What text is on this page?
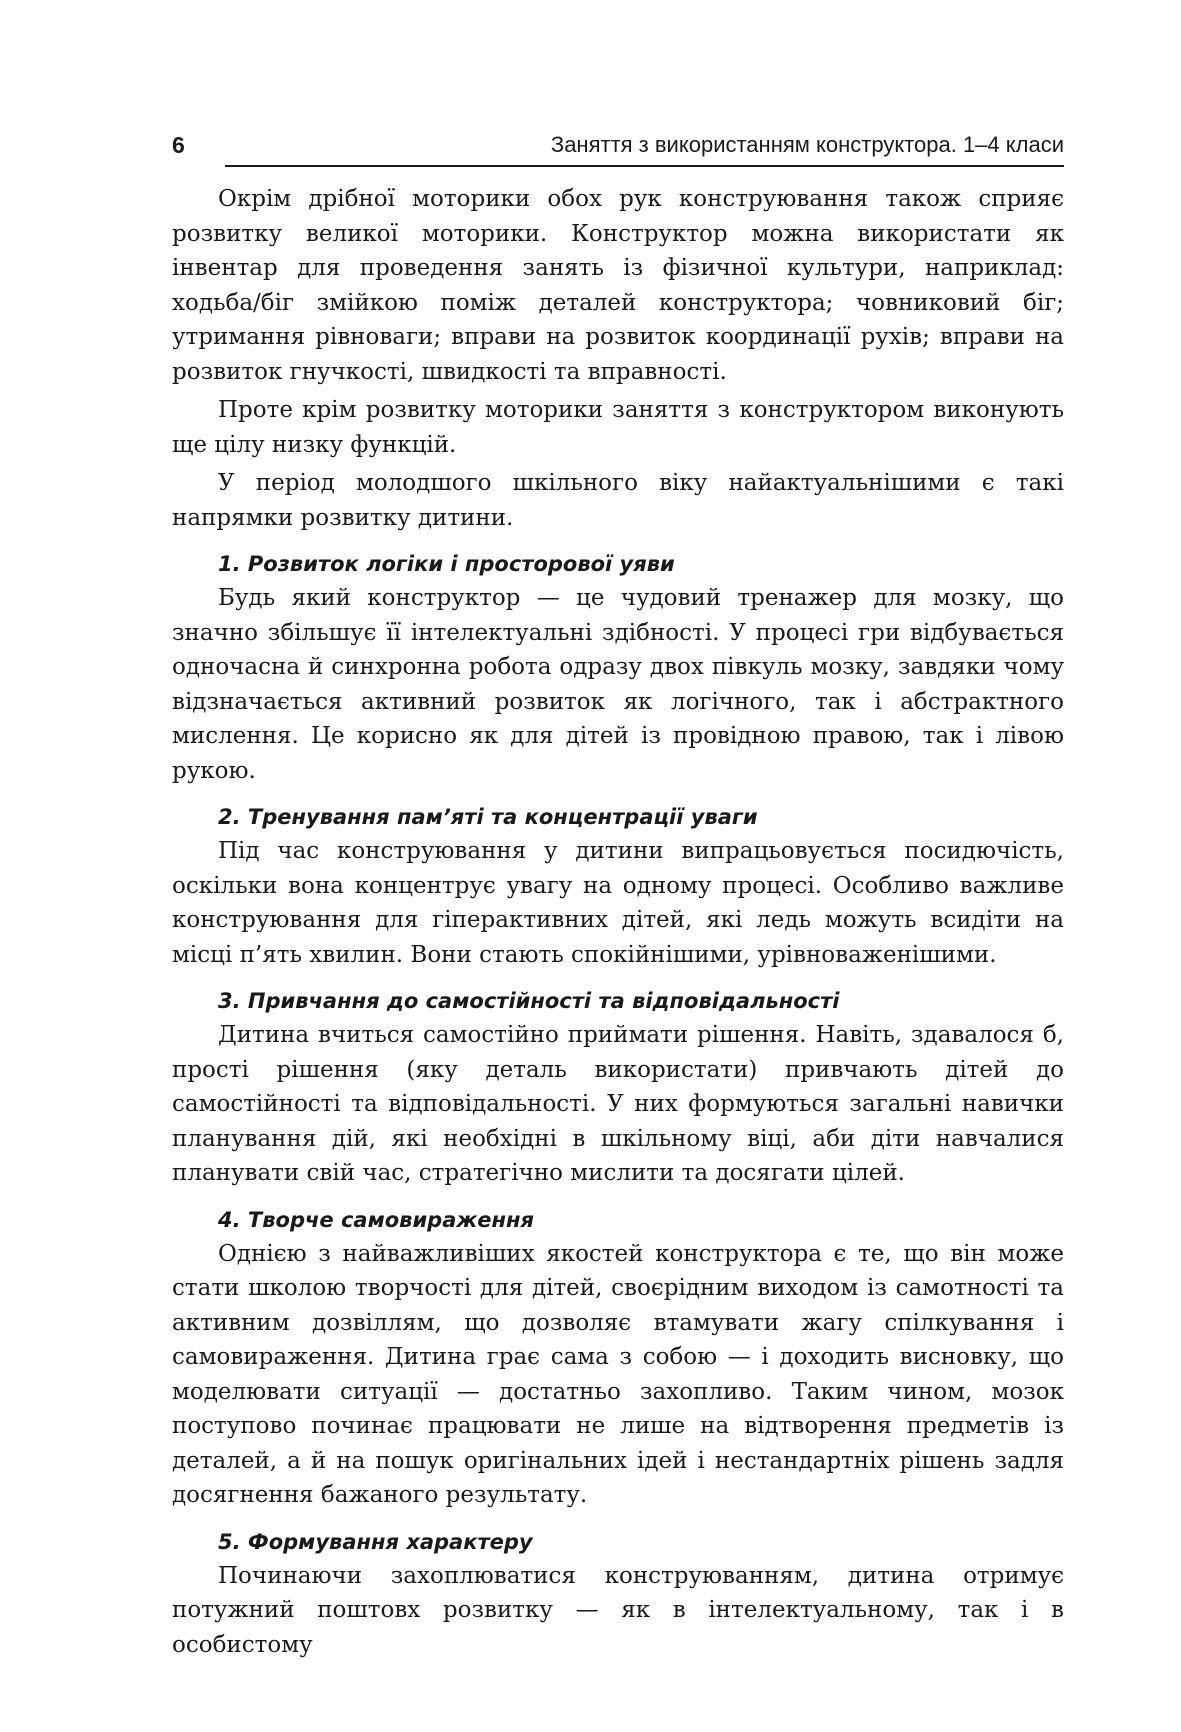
6	Заняття з використанням конструктора. 1–4 класи

Окрім дрібної моторики обох рук конструювання також сприяє розвитку великої моторики. Конструктор можна використати як інвентар для проведення занять із фізичної культури, наприклад: ходьба/біг змійкою поміж деталей конструктора; човниковий біг; утримання рівноваги; вправи на розвиток координації рухів; вправи на розвиток гнучкості, швидкості та вправності.

Проте крім розвитку моторики заняття з конструктором виконують ще цілу низку функцій.

У період молодшого шкільного віку найактуальнішими є такі напрямки розвитку дитини.

1. Розвиток логіки і просторової уяви

Будь який конструктор — це чудовий тренажер для мозку, що значно збільшує її інтелектуальні здібності. У процесі гри відбувається одночасна й синхронна робота одразу двох півкуль мозку, завдяки чому відзначається активний розвиток як логічного, так і абстрактного мислення. Це корисно як для дітей із провідною правою, так і лівою рукою.

2. Тренування пам’яті та концентрації уваги

Під час конструювання у дитини випрацьовується посидючість, оскільки вона концентрує увагу на одному процесі. Особливо важливе конструювання для гіперактивних дітей, які ледь можуть всидіти на місці п’ять хвилин. Вони стають спокійнішими, урівноваженішими.

3. Привчання до самостійності та відповідальності

Дитина вчиться самостійно приймати рішення. Навіть, здавалося б, прості рішення (яку деталь використати) привчають дітей до самостійності та відповідальності. У них формуються загальні навички планування дій, які необхідні в шкільному віці, аби діти навчалися планувати свій час, стратегічно мислити та досягати цілей.

4. Творче самовираження

Однією з найважливіших якостей конструктора є те, що він може стати школою творчості для дітей, своєрідним виходом із самотності та активним дозвіллям, що дозволяє втамувати жагу спілкування і самовираження. Дитина грає сама з собою — і доходить висновку, що моделювати ситуації — достатньо захопливо. Таким чином, мозок поступово починає працювати не лише на відтворення предметів із деталей, а й на пошук оригінальних ідей і нестандартніх рішень задля досягнення бажаного результату.

5. Формування характеру

Починаючи захоплюватися конструюванням, дитина отримує потужний поштовх розвитку — як в інтелектуальному, так і в особистому
